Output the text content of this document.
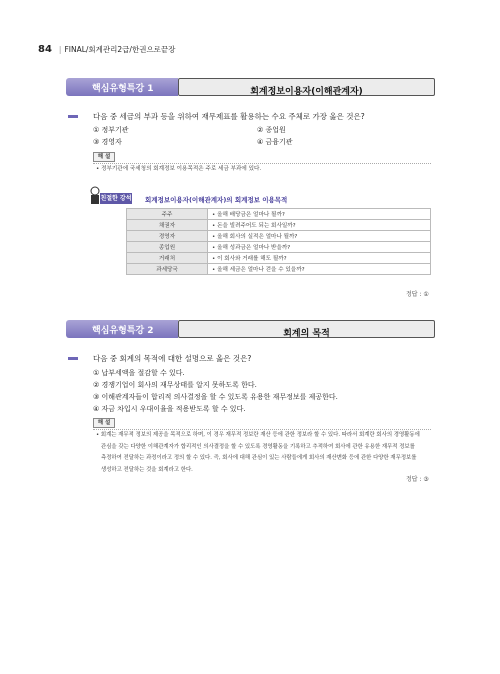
84 | FINAL/회계관리2급/한권으로끝장
핵심유형특강 1	회계정보이용자(이해관계자)
다음 중 세금의 부과 등을 위하여 재무제표를 활용하는 수요 주체로 가장 옳은 것은?
① 정부기관	② 종업원
③ 경영자	④ 금융기관
해 설
• 정부기관에 국세청의 회계정보 이용목적은 주로 세금 부과에 있다.
친절한 강석씨
회계정보이용자(이해관계자)의 회계정보 이용목적
주주	• 올해 배당금은 얼마나 될까?
채권자	• 돈을 빌려주어도 되는 회사일까?
경영자	• 올해 회사의 실적은 얼마나 될까?
종업원	• 올해 성과금은 얼마나 받을까?
거래처	• 이 회사와 거래를 해도 될까?
과세당국	• 올해 세금은 얼마나 걷을 수 있을까?
정답 : ①
핵심유형특강 2	회계의 목적
다음 중 회계의 목적에 대한 설명으로 옳은 것은?
① 납부세액을 절감할 수 있다.
② 경쟁기업이 회사의 재무상태를 알지 못하도록 한다.
③ 이해관계자들이 합리적 의사결정을 할 수 있도록 유용한 재무정보를 제공한다.
④ 자금 차입시 우대이율을 적용받도록 할 수 있다.
해 설
• 회계는 재무적 정보의 제공을 목적으로 하며, 이 경우 재무적 정보란 재산 등에 관한 정보라 할 수 있다. 따라서 회계란 회사의 경영활동에
관심을 갖는 다양한 이해관계자가 합리적인 의사결정을 할 수 있도록 경영활동을 기록하고 추적하여 회사에 관한 유용한 재무적 정보를
측정하여 전달하는 과정이라고 정의 할 수 있다. 즉, 회사에 대해 관심이 있는 사람들에게 회사의 재산변화 등에 관한 다양한 재무정보를
생성하고 전달하는 것을 회계라고 한다.
정답 : ③
